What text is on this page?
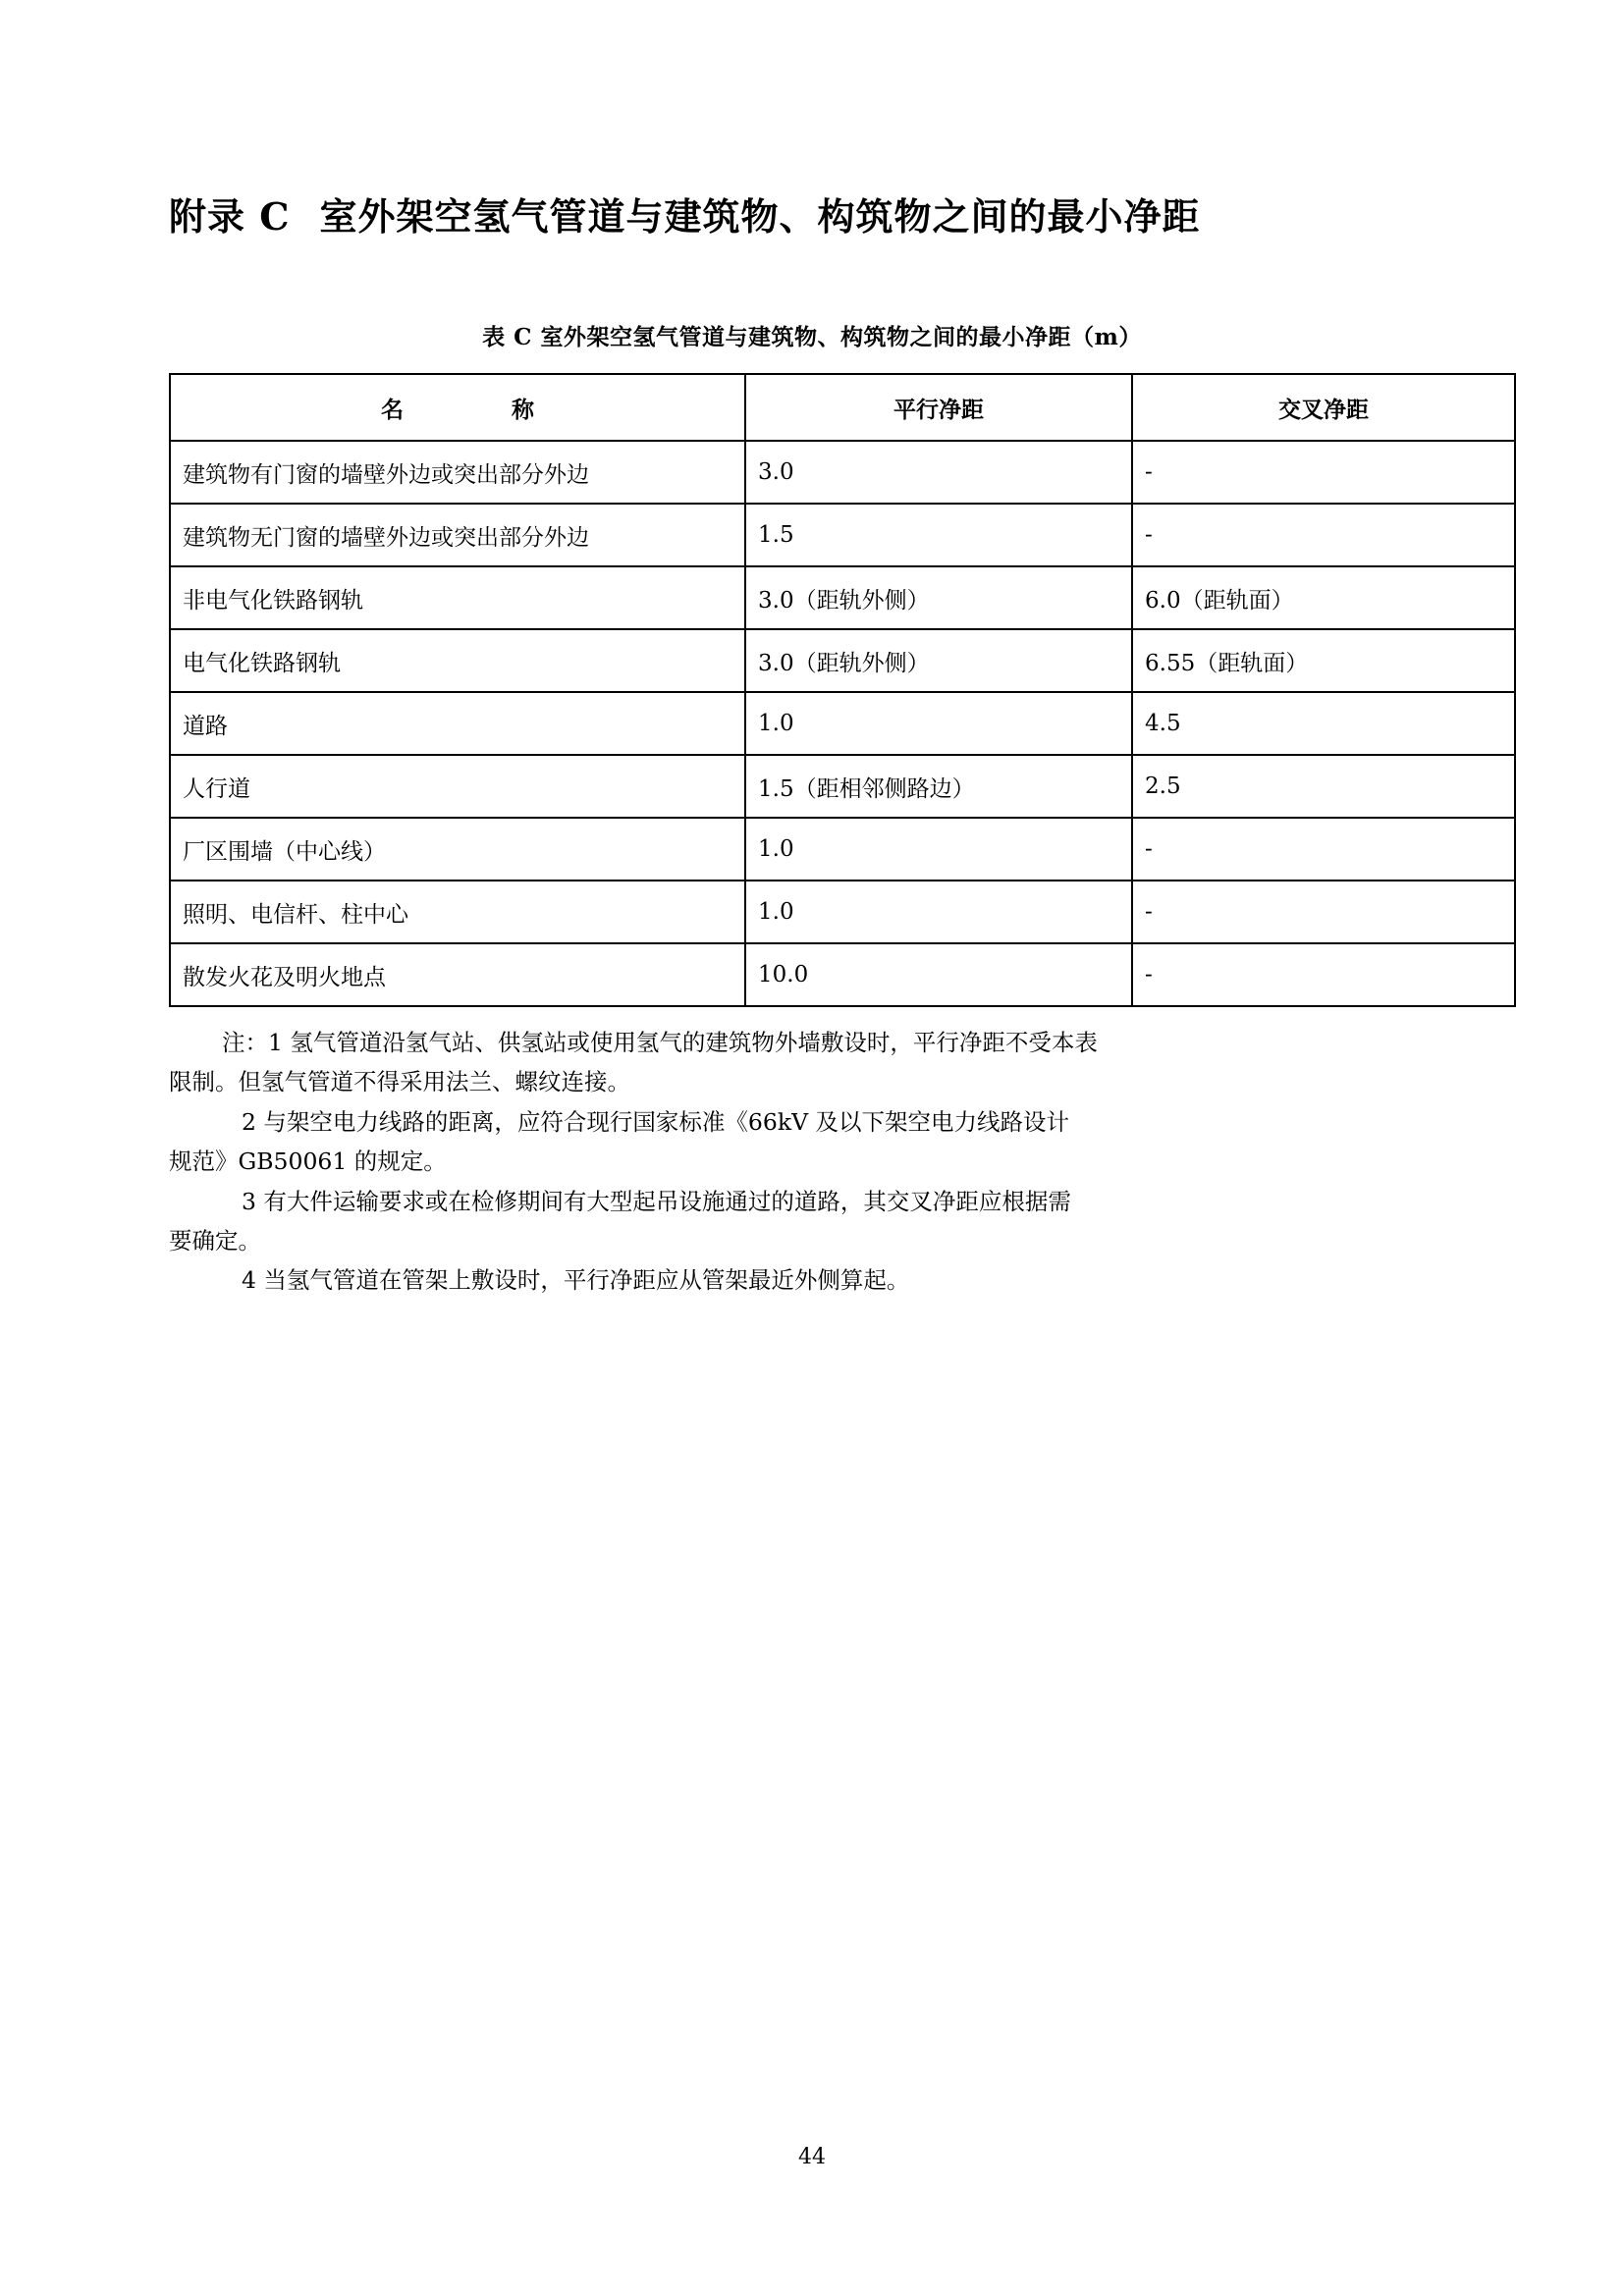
附录 C 室外架空氢气管道与建筑物、构筑物之间的最小净距
表 C 室外架空氢气管道与建筑物、构筑物之间的最小净距（m）
名 称	平行净距	交叉净距
建筑物有门窗的墙壁外边或突出部分外边	3.0	-
建筑物无门窗的墙壁外边或突出部分外边	1.5	-
非电气化铁路钢轨	3.0（距轨外侧）	6.0（距轨面）
电气化铁路钢轨	3.0（距轨外侧）	6.55（距轨面）
道路	1.0	4.5
人行道	1.5（距相邻侧路边）	2.5
厂区围墙（中心线）	1.0	-
照明、电信杆、柱中心	1.0	-
散发火花及明火地点	10.0	-

注：1 氢气管道沿氢气站、供氢站或使用氢气的建筑物外墙敷设时，平行净距不受本表

限制。但氢气管道不得采用法兰、螺纹连接。

2 与架空电力线路的距离，应符合现行国家标准《66kV 及以下架空电力线路设计

规范》GB50061 的规定。

3 有大件运输要求或在检修期间有大型起吊设施通过的道路，其交叉净距应根据需

要确定。

4 当氢气管道在管架上敷设时，平行净距应从管架最近外侧算起。

44
